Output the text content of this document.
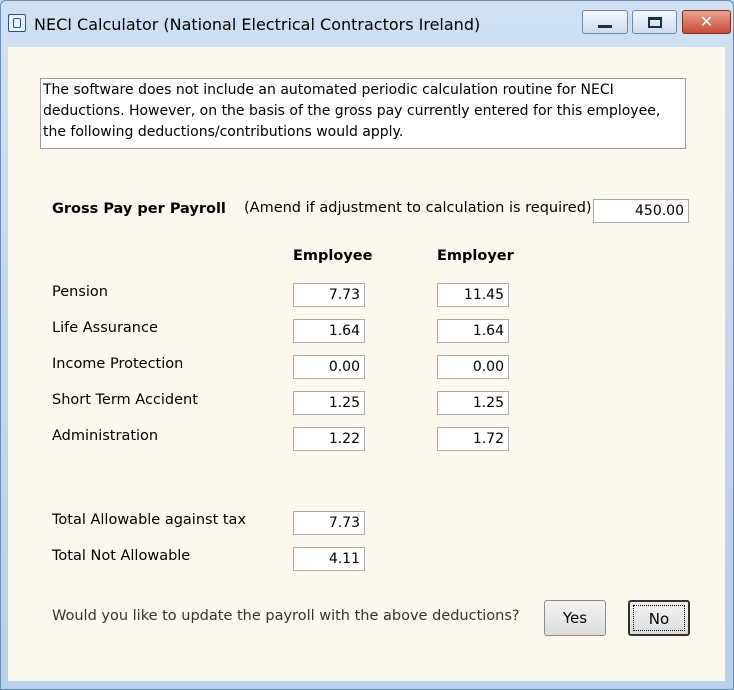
NECI Calculator (National Electrical Contractors Ireland)	✕
The software does not include an automated periodic calculation routine for NECI deductions. However, on the basis of the gross pay currently entered for this employee, the following deductions/contributions would apply.
Gross Pay per Payroll (Amend if adjustment to calculation is required)	450.00
Employee	Employer
Pension	7.73	11.45
Life Assurance	1.64	1.64
Income Protection	0.00	0.00
Short Term Accident	1.25	1.25
Administration	1.22	1.72
Total Allowable against tax	7.73
Total Not Allowable	4.11
Would you like to update the payroll with the above deductions?	Yes	No
